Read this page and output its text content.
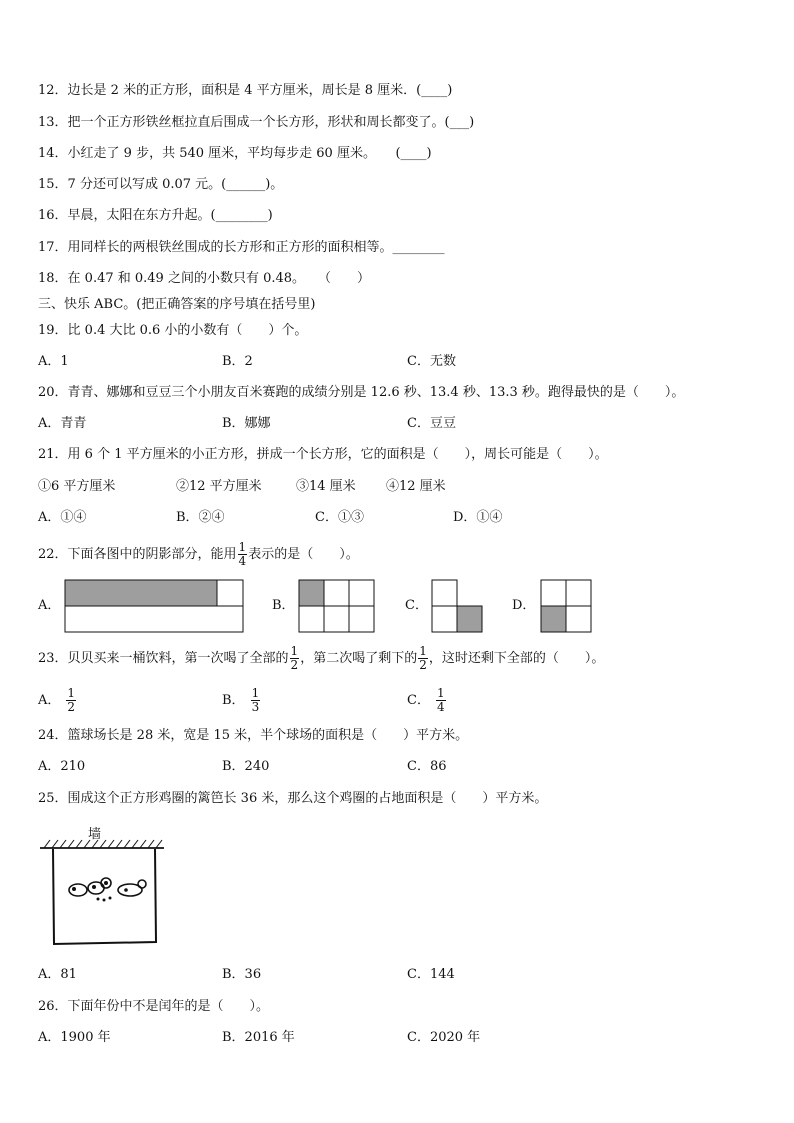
12．边长是 2 米的正方形，面积是 4 平方厘米，周长是 8 厘米．(____)
13．把一个正方形铁丝框拉直后围成一个长方形，形状和周长都变了。(___)
14．小红走了 9 步，共 540 厘米，平均每步走 60 厘米。　　(____)
15．7 分还可以写成 0.07 元。(______)。
16．早晨，太阳在东方升起。(________)
17．用同样长的两根铁丝围成的长方形和正方形的面积相等。________
18．在 0.47 和 0.49 之间的小数只有 0.48。　　（　　）
三、快乐 ABC。(把正确答案的序号填在括号里)
19．比 0.4 大比 0.6 小的小数有（　　）个。
A．1	B．2	C．无数
20．青青、娜娜和豆豆三个小朋友百米赛跑的成绩分别是 12.6 秒、13.4 秒、13.3 秒。跑得最快的是（　　）。
A．青青	B．娜娜	C．豆豆
21．用 6 个 1 平方厘米的小正方形，拼成一个长方形，它的面积是（　　），周长可能是（　　）。
①6 平方厘米	②12 平方厘米	③14 厘米 ④12 厘米
A．①④	B．②④	C．①③	D．①④
22．下面各图中的阴影部分，能用 $\frac{1}{4}$ 表示的是（　　）。
A．	B．	C．	D．
23．贝贝买来一桶饮料，第一次喝了全部的 $\frac{1}{2}$ ，第二次喝了剩下的 $\frac{1}{2}$ ，这时还剩下全部的（　　）。
A． $\frac{1}{2}$	B． $\frac{1}{3}$	C． $\frac{1}{4}$
24．篮球场长是 28 米，宽是 15 米，半个球场的面积是（　　）平方米。
A．210	B．240	C．86
25．围成这个正方形鸡圈的篱笆长 36 米，那么这个鸡圈的占地面积是（　　）平方米。
墙
A．81	B．36	C．144
26．下面年份中不是闰年的是（　　）。
A．1900 年	B．2016 年	C．2020 年
